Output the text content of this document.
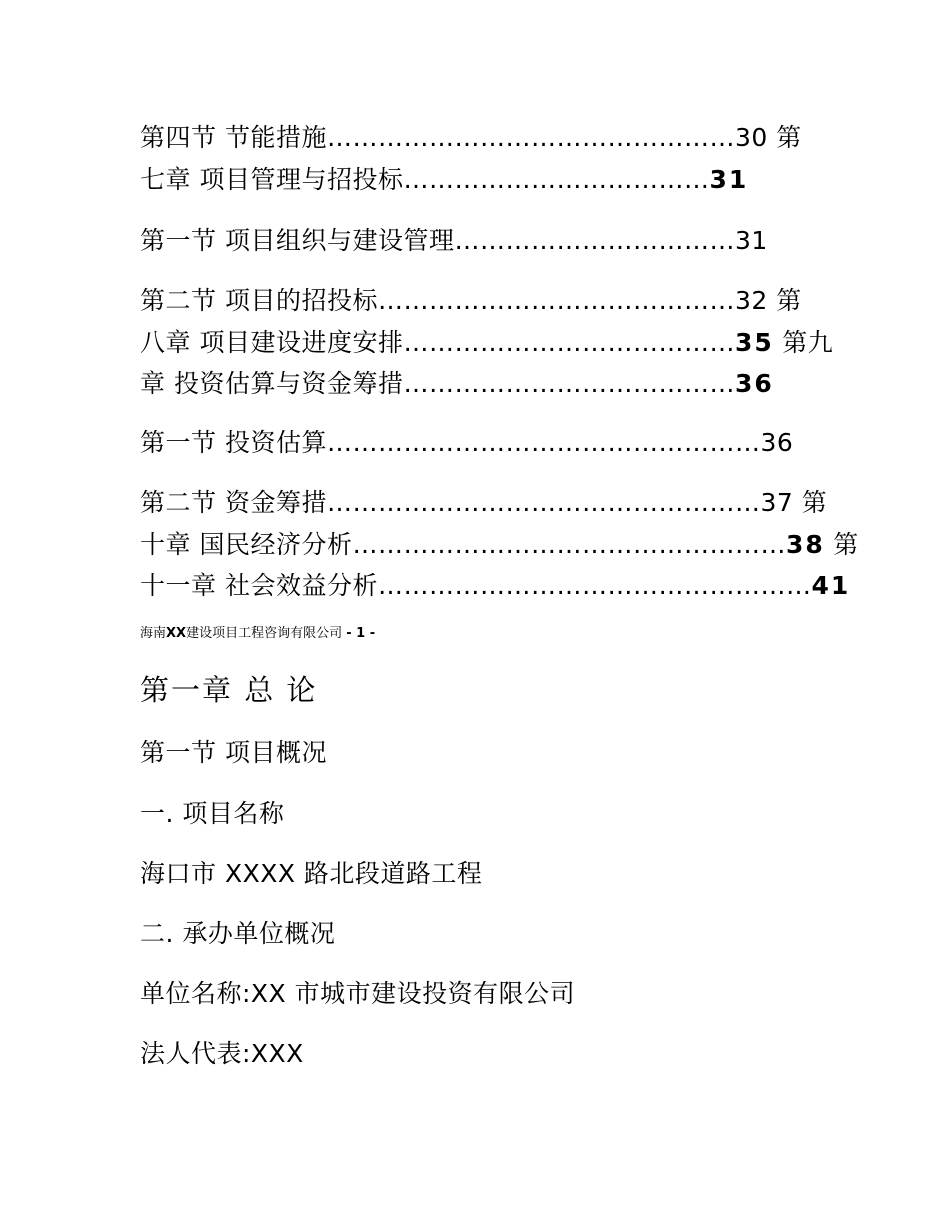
第四节 节能措施…………………………………………30 第
七章 项目管理与招投标………………………………31
第一节 项目组织与建设管理……………………………31
第二节 项目的招投标……………………………………32 第
八章 项目建设进度安排…………………………………35 第九
章 投资估算与资金筹措…………………………………36
第一节 投资估算……………………………………………36
第二节 资金筹措……………………………………………37 第
十章 国民经济分析……………………………………………38 第
十一章 社会效益分析……………………………………………41
海南XX建设项目工程咨询有限公司 - 1 -
第一章 总 论
第一节 项目概况
一. 项目名称
海口市 XXXX 路北段道路工程
二. 承办单位概况
单位名称:XX 市城市建设投资有限公司
法人代表:XXX
